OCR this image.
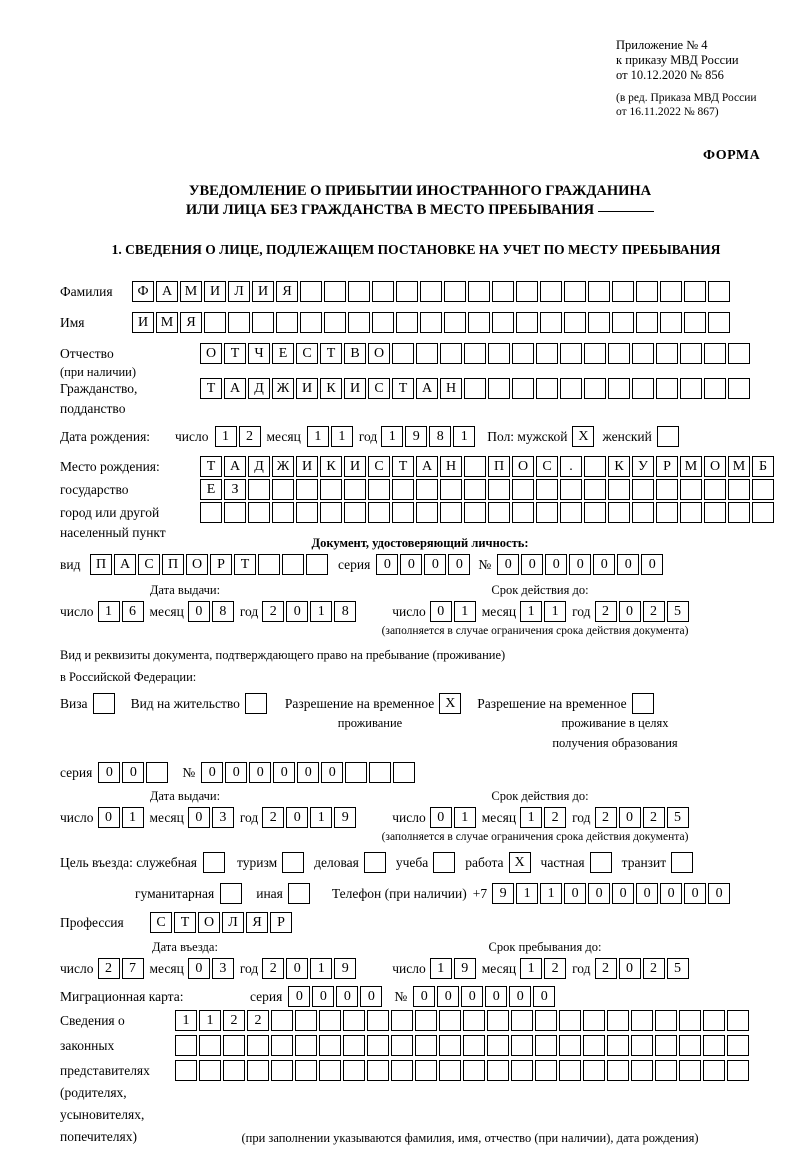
Приложение № 4
к приказу МВД России
от 10.12.2020 № 856
(в ред. Приказа МВД России
от 16.11.2022 № 867)
ФОРМА
УВЕДОМЛЕНИЕ О ПРИБЫТИИ ИНОСТРАННОГО ГРАЖДАНИНА
ИЛИ ЛИЦА БЕЗ ГРАЖДАНСТВА В МЕСТО ПРЕБЫВАНИЯ
1. СВЕДЕНИЯ О ЛИЦЕ, ПОДЛЕЖАЩЕМ ПОСТАНОВКЕ НА УЧЕТ ПО МЕСТУ ПРЕБЫВАНИЯ
Фамилия	Ф А М И	Л	И	Я
Имя	И М Я
Отчество	О	Т	Ч	Е	С	Т	В	О
(при наличии)
Гражданство,	Т	А	Д Ж И	К	И	С	Т	А Н
подданство
Дата рождения:	число 1	2	месяц 1	1	год 1	9	8	1	Пол: мужской X	женский
Место рождения:	Т	А	Д Ж И	К	И	С	Т	А Н	П О	С	.	К	У	Р М О М Б
государство	Е	З
город или другой
населенный пункт
Документ, удостоверяющий личность:
вид	П А	С	П О	Р	Т	серия 0	0	0	0	№ 0	0	0	0	0	0	0
Дата выдачи:	Срок действия до:
число 1	6	месяц 0	8	год 2	0	1	8	число 0	1	месяц 1	1	год 2	0	2	5
(заполняется в случае ограничения срока действия документа)
Вид и реквизиты документа, подтверждающего право на пребывание (проживание)
в Российской Федерации:
Виза	Вид на жительство	Разрешение на временное X	Разрешение на временное
проживание	проживание в целях
получения образования
серия 0	0	№ 0	0	0	0	0	0
Дата выдачи:	Срок действия до:
число 0	1	месяц 0	3	год 2	0	1	9	число 0	1	месяц 1	2	год 2	0	2	5
(заполняется в случае ограничения срока действия документа)
Цель въезда: служебная	туризм	деловая	учеба	работа X	частная	транзит
гуманитарная	иная	Телефон (при наличии) +7 9	1	1	0	0	0	0	0	0	0
Профессия	С	Т	О	Л	Я	Р
Дата въезда:	Срок пребывания до:
число 2	7	месяц 0	3	год 2	0	1	9	число 1	9	месяц 1	2	год 2	0	2	5
Миграционная карта:	серия 0	0	0	0	№ 0	0	0	0	0	0
Сведения о	1	1	2	2
законных
представителях
(родителях,
усыновителях,
попечителях)	(при заполнении указываются фамилия, имя, отчество (при наличии), дата рождения)
